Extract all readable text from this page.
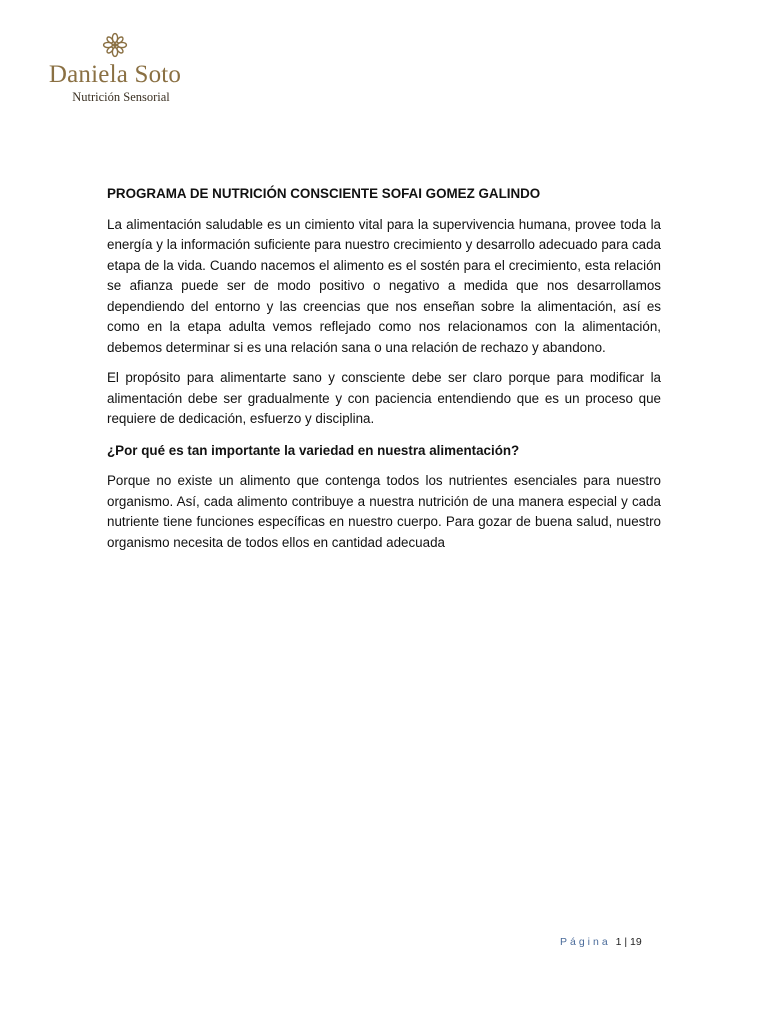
Daniela Soto
Nutrición Sensorial

PROGRAMA DE NUTRICIÓN CONSCIENTE SOFAI GOMEZ GALINDO

La alimentación saludable es un cimiento vital para la supervivencia humana, provee toda la energía y la información suficiente para nuestro crecimiento y desarrollo adecuado para cada etapa de la vida. Cuando nacemos el alimento es el sostén para el crecimiento, esta relación se afianza puede ser de modo positivo o negativo a medida que nos desarrollamos dependiendo del entorno y las creencias que nos enseñan sobre la alimentación, así es como en la etapa adulta vemos reflejado como nos relacionamos con la alimentación, debemos determinar si es una relación sana o una relación de rechazo y abandono.

El propósito para alimentarte sano y consciente debe ser claro porque para modificar la alimentación debe ser gradualmente y con paciencia entendiendo que es un proceso que requiere de dedicación, esfuerzo y disciplina.

¿Por qué es tan importante la variedad en nuestra alimentación?

Porque no existe un alimento que contenga todos los nutrientes esenciales para nuestro organismo. Así, cada alimento contribuye a nuestra nutrición de una manera especial y cada nutriente tiene funciones específicas en nuestro cuerpo. Para gozar de buena salud, nuestro organismo necesita de todos ellos en cantidad adecuada

Página 1 | 19
